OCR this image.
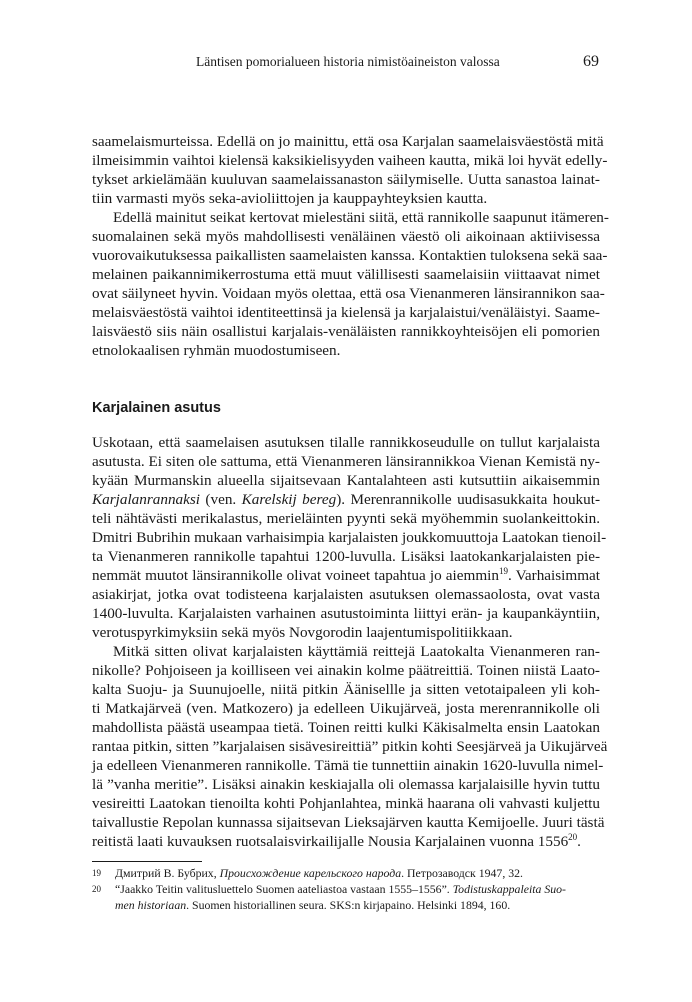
Läntisen pomorialueen historia nimistöaineiston valossa	69
saamelaismurteissa. Edellä on jo mainittu, että osa Karjalan saamelaisväestöstä mitä
ilmeisimmin vaihtoi kielensä kaksikielisyyden vaiheen kautta, mikä loi hyvät edelly-
tykset arkielämään kuuluvan saamelaissanaston säilymiselle. Uutta sanastoa lainat-
tiin varmasti myös seka-avioliittojen ja kauppayhteyksien kautta.
Edellä mainitut seikat kertovat mielestäni siitä, että rannikolle saapunut itämeren-
suomalainen sekä myös mahdollisesti venäläinen väestö oli aikoinaan aktiivisessa
vuorovaikutuksessa paikallisten saamelaisten kanssa. Kontaktien tuloksena sekä saa-
melainen paikannimikerrostuma että muut välillisesti saamelaisiin viittaavat nimet
ovat säilyneet hyvin. Voidaan myös olettaa, että osa Vienanmeren länsirannikon saa-
melaisväestöstä vaihtoi identiteettinsä ja kielensä ja karjalaistui/venäläistyi. Saame-
laisväestö siis näin osallistui karjalais-venäläisten rannikkoyhteisöjen eli pomorien
etnolokaalisen ryhmän muodostumiseen.
Karjalainen asutus
Uskotaan, että saamelaisen asutuksen tilalle rannikkoseudulle on tullut karjalaista
asutusta. Ei siten ole sattuma, että Vienanmeren länsirannikkoa Vienan Kemistä ny-
kyään Murmanskin alueella sijaitsevaan Kantalahteen asti kutsuttiin aikaisemmin
Karjalanrannaksi (ven. Karelskij bereg). Merenrannikolle uudisasukkaita houkut-
teli nähtävästi merikalastus, merieläinten pyynti sekä myöhemmin suolankeittokin.
Dmitri Bubrihin mukaan varhaisimpia karjalaisten joukkomuuttoja Laatokan tienoil-
ta Vienanmeren rannikolle tapahtui 1200-luvulla. Lisäksi laatokankarjalaisten pie-
nemmät muutot länsirannikolle olivat voineet tapahtua jo aiemmin$^{19}$. Varhaisimmat
asiakirjat, jotka ovat todisteena karjalaisten asutuksen olemassaolosta, ovat vasta
1400-luvulta. Karjalaisten varhainen asutustoiminta liittyi erän- ja kaupankäyntiin,
verotuspyrkimyksiin sekä myös Novgorodin laajentumispolitiikkaan.
Mitkä sitten olivat karjalaisten käyttämiä reittejä Laatokalta Vienanmeren ran-
nikolle? Pohjoiseen ja koilliseen vei ainakin kolme päätreittiä. Toinen niistä Laato-
kalta Suoju- ja Suunujoelle, niitä pitkin Äänisellle ja sitten vetotaipaleen yli koh-
ti Matkajärveä (ven. Matkozero) ja edelleen Uikujärveä, josta merenrannikolle oli
mahdollista päästä useampaa tietä. Toinen reitti kulki Käkisalmelta ensin Laatokan
rantaa pitkin, sitten ”karjalaisen sisävesireittiä” pitkin kohti Seesjärveä ja Uikujärveä
ja edelleen Vienanmeren rannikolle. Tämä tie tunnettiin ainakin 1620-luvulla nimel-
lä ”vanha meritie”. Lisäksi ainakin keskiajalla oli olemassa karjalaisille hyvin tuttu
vesireitti Laatokan tienoilta kohti Pohjanlahtea, minkä haarana oli vahvasti kuljettu
taivallustie Repolan kunnassa sijaitsevan Lieksajärven kautta Kemijoelle. Juuri tästä
reitistä laati kuvauksen ruotsalaisvirkailijalle Nousia Karjalainen vuonna 1556$^{20}$.
19 Дмитрий В. Бубрих, Происхождение карельского народа. Петрозаводск 1947, 32.
20 “Jaakko Teitin valitusluettelo Suomen aateliastoa vastaan 1555–1556”. Todistuskappaleita Suo-
men historiaan. Suomen historiallinen seura. SKS:n kirjapaino. Helsinki 1894, 160.
